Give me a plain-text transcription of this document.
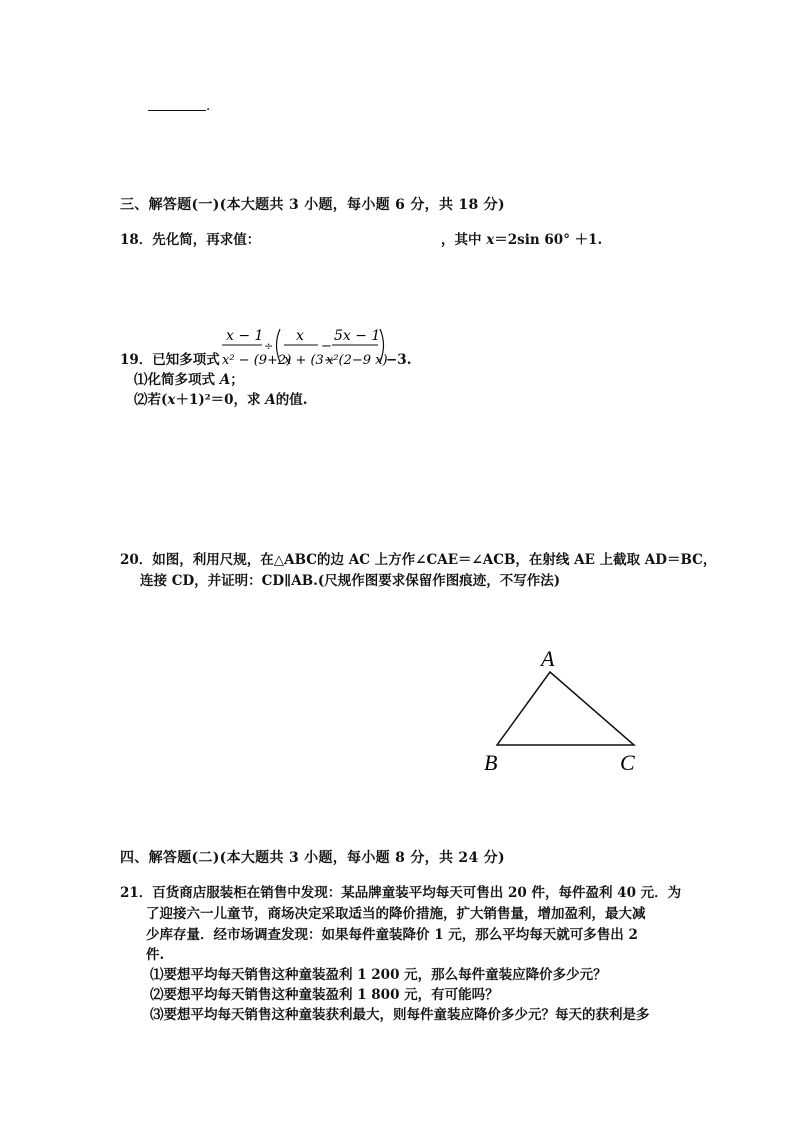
.
三、解答题(一)(本大题共 3 小题，每小题 6 分，共 18 分)
18．先化简，再求值：	，其中 x＝2sin 60° ＋1.
x − 1
÷
x
−
5x − 1
19．已知多项式 x² − (9+2)
x + (3−
x²(2−9 x)
−3.
⑴化简多项式 A；
⑵若(x＋1)²＝0，求 A的值.
20．如图，利用尺规，在△ABC的边 AC 上方作∠CAE＝∠ACB，在射线 AE 上截取 AD＝BC，
连接 CD，并证明：CD∥AB.(尺规作图要求保留作图痕迹，不写作法)
A
B	C
四、解答题(二)(本大题共 3 小题，每小题 8 分，共 24 分)
21．百货商店服装柜在销售中发现：某品牌童装平均每天可售出 20 件，每件盈利 40 元．为
了迎接六一儿童节，商场决定采取适当的降价措施，扩大销售量，增加盈利，最大减
少库存量．经市场调查发现：如果每件童装降价 1 元，那么平均每天就可多售出 2
件.
⑴要想平均每天销售这种童装盈利 1 200 元，那么每件童装应降价多少元？
⑵要想平均每天销售这种童装盈利 1 800 元，有可能吗？
⑶要想平均每天销售这种童装获利最大，则每件童装应降价多少元？每天的获利是多
